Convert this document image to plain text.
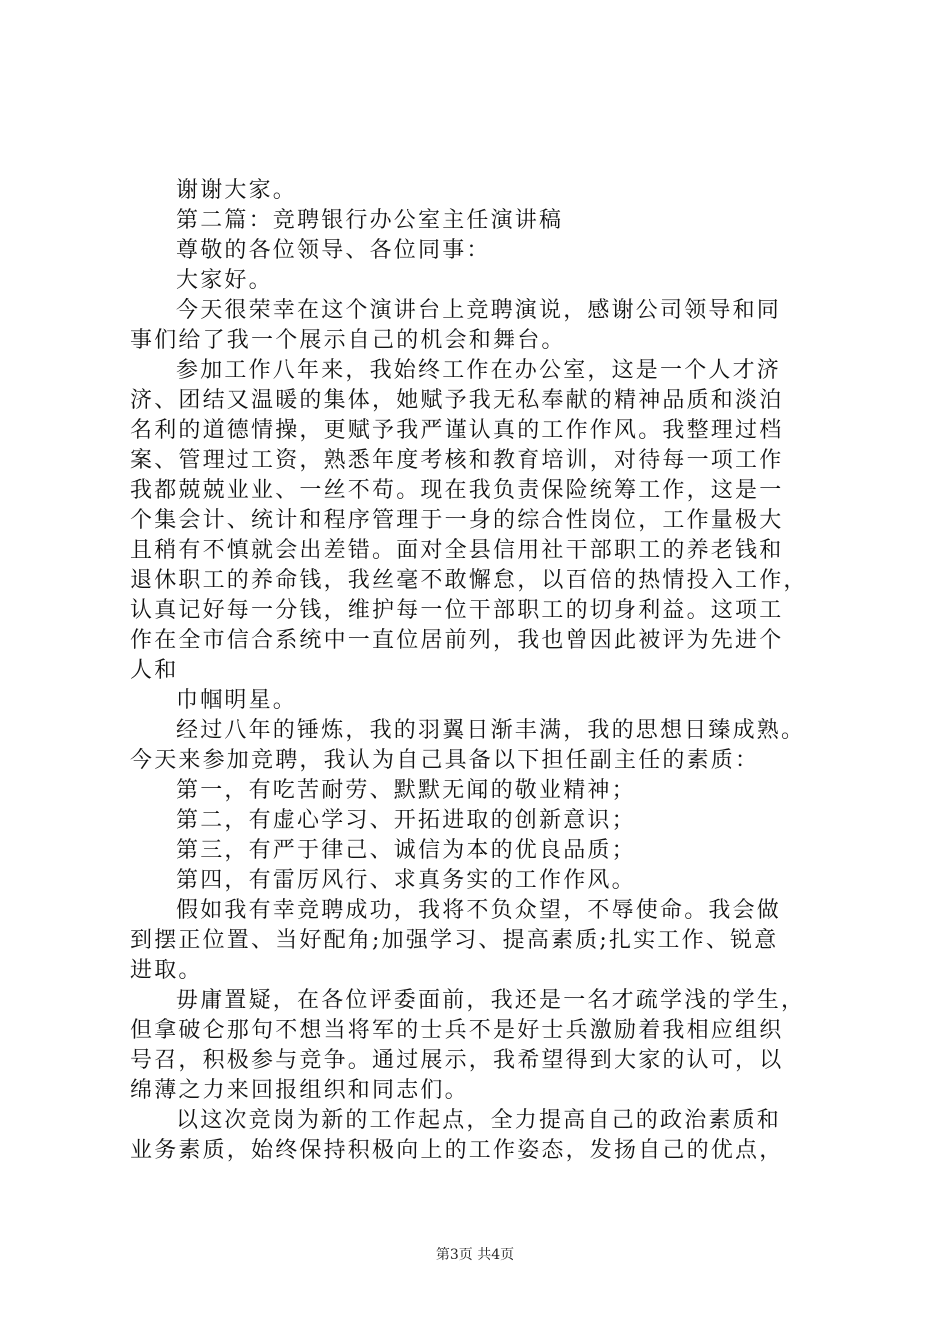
谢谢大家。
第二篇：竞聘银行办公室主任演讲稿
尊敬的各位领导、各位同事：
大家好。
今天很荣幸在这个演讲台上竞聘演说，感谢公司领导和同
事们给了我一个展示自己的机会和舞台。
参加工作八年来，我始终工作在办公室，这是一个人才济
济、团结又温暖的集体，她赋予我无私奉献的精神品质和淡泊
名利的道德情操，更赋予我严谨认真的工作作风。我整理过档
案、管理过工资，熟悉年度考核和教育培训，对待每一项工作
我都兢兢业业、一丝不苟。现在我负责保险统筹工作，这是一
个集会计、统计和程序管理于一身的综合性岗位，工作量极大
且稍有不慎就会出差错。面对全县信用社干部职工的养老钱和
退休职工的养命钱，我丝毫不敢懈怠，以百倍的热情投入工作，
认真记好每一分钱，维护每一位干部职工的切身利益。这项工
作在全市信合系统中一直位居前列，我也曾因此被评为先进个
人和
巾帼明星。
经过八年的锤炼，我的羽翼日渐丰满，我的思想日臻成熟。
今天来参加竞聘，我认为自己具备以下担任副主任的素质：
第一，有吃苦耐劳、默默无闻的敬业精神；
第二，有虚心学习、开拓进取的创新意识；
第三，有严于律己、诚信为本的优良品质；
第四，有雷厉风行、求真务实的工作作风。
假如我有幸竞聘成功，我将不负众望，不辱使命。我会做
到摆正位置、当好配角;加强学习、提高素质;扎实工作、锐意
进取。
毋庸置疑，在各位评委面前，我还是一名才疏学浅的学生，
但拿破仑那句不想当将军的士兵不是好士兵激励着我相应组织
号召，积极参与竞争。通过展示，我希望得到大家的认可，以
绵薄之力来回报组织和同志们。
以这次竞岗为新的工作起点，全力提高自己的政治素质和
业务素质，始终保持积极向上的工作姿态，发扬自己的优点，
第3页 共4页
